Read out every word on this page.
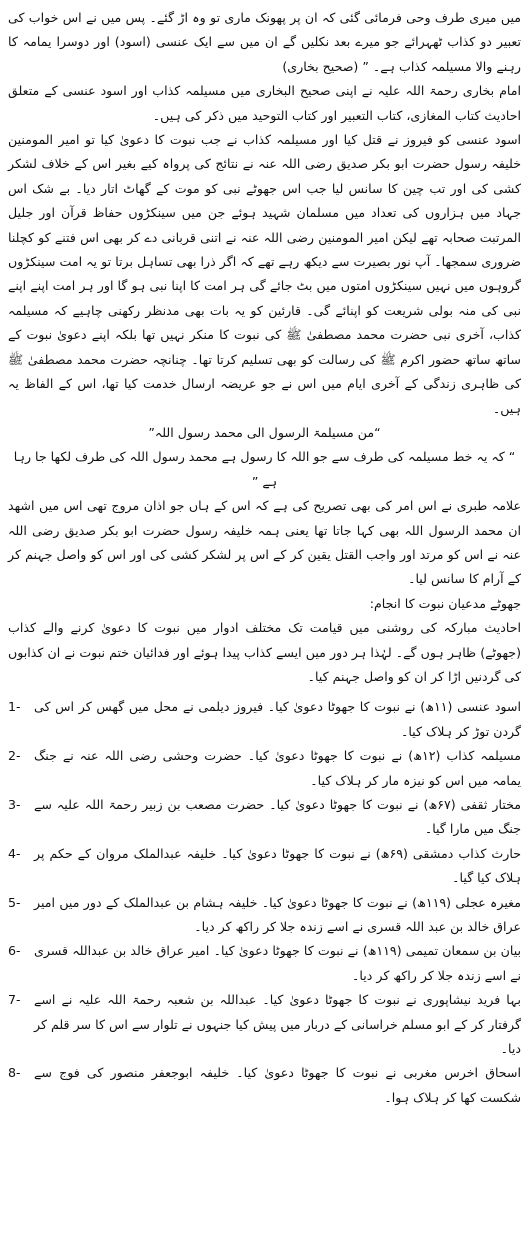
میں میری طرف وحی فرمائی گئی کہ ان پر پھونک ماری تو وہ اڑ گئے۔ پس میں نے اس خواب کی تعبیر دو کذاب ٹھہرائے جو میرے بعد نکلیں گے ان میں سے ایک عنسی (اسود) اور دوسرا یمامہ کا رہنے والا مسیلمہ کذاب ہے۔ ” (صحیح بخاری)

امام بخاری رحمۃ اللہ علیہ نے اپنی صحیح البخاری میں مسیلمہ کذاب اور اسود عنسی کے متعلق احادیث کتاب المغازی، کتاب التعبیر اور کتاب التوحید میں ذکر کی ہیں۔

اسود عنسی کو فیروز نے قتل کیا اور مسیلمہ کذاب نے جب نبوت کا دعویٰ کیا تو امیر المومنین خلیفہ رسول حضرت ابو بکر صدیق رضی اللہ عنہ نے نتائج کی پرواہ کیے بغیر اس کے خلاف لشکر کشی کی اور تب چین کا سانس لیا جب اس جھوٹے نبی کو موت کے گھاٹ اتار دیا۔ بے شک اس جہاد میں ہزاروں کی تعداد میں مسلمان شہید ہوئے جن میں سینکڑوں حفاظ قرآن اور جلیل المرتبت صحابہ تھے لیکن امیر المومنین رضی اللہ عنہ نے اتنی قربانی دے کر بھی اس فتنے کو کچلنا ضروری سمجھا۔ آپ نور بصیرت سے دیکھ رہے تھے کہ اگر ذرا بھی تساہل برتا تو یہ امت سینکڑوں گروہوں میں نہیں سینکڑوں امتوں میں بٹ جائے گی ہر امت کا اپنا نبی ہو گا اور ہر امت اپنے اپنے نبی کی منہ بولی شریعت کو اپنائے گی۔ قارئین کو یہ بات بھی مدنظر رکھنی چاہیے کہ مسیلمہ کذاب، آخری نبی حضرت محمد مصطفیٰ ﷺ کی نبوت کا منکر نہیں تھا بلکہ اپنے دعویٰ نبوت کے ساتھ ساتھ حضور اکرم ﷺ کی رسالت کو بھی تسلیم کرتا تھا۔ چنانچہ حضرت محمد مصطفیٰ ﷺ کی ظاہری زندگی کے آخری ایام میں اس نے جو عریضہ ارسال خدمت کیا تھا، اس کے الفاظ یہ ہیں۔

“من مسیلمۃ الرسول الی محمد رسول اللہ”

“ کہ یہ خط مسیلمہ کی طرف سے جو اللہ کا رسول ہے محمد رسول اللہ کی طرف لکھا جا رہا ہے ”

علامہ طبری نے اس امر کی بھی تصریح کی ہے کہ اس کے ہاں جو اذان مروج تھی اس میں اشھد ان محمد الرسول اللہ بھی کہا جاتا تھا یعنی ہمہ خلیفہ رسول حضرت ابو بکر صدیق رضی اللہ عنہ نے اس کو مرتد اور واجب القتل یقین کر کے اس پر لشکر کشی کی اور اس کو واصل جہنم کر کے آرام کا سانس لیا۔

جھوٹے مدعیان نبوت کا انجام:

احادیث مبارکہ کی روشنی میں قیامت تک مختلف ادوار میں نبوت کا دعویٰ کرنے والے کذاب (جھوٹے) ظاہر ہوں گے۔ لہٰذا ہر دور میں ایسے کذاب پیدا ہوئے اور فدائیان ختم نبوت نے ان کذابوں کی گردنیں اڑا کر ان کو واصل جہنم کیا۔

1-	اسود عنسی (۱۱ھ) نے نبوت کا جھوٹا دعویٰ کیا۔ فیروز دیلمی نے محل میں گھس کر اس کی گردن توڑ کر ہلاک کیا۔
2-	مسیلمہ کذاب (۱۲ھ) نے نبوت کا جھوٹا دعویٰ کیا۔ حضرت وحشی رضی اللہ عنہ نے جنگ یمامہ میں اس کو نیزہ مار کر ہلاک کیا۔
3-	مختار ثقفی (۶۷ھ) نے نبوت کا جھوٹا دعویٰ کیا۔ حضرت مصعب بن زبیر رحمۃ اللہ علیہ سے جنگ میں مارا گیا۔
4-	حارث کذاب دمشقی (۶۹ھ) نے نبوت کا جھوٹا دعویٰ کیا۔ خلیفہ عبدالملک مروان کے حکم پر ہلاک کیا گیا۔
5-	مغیرہ عجلی (۱۱۹ھ) نے نبوت کا جھوٹا دعویٰ کیا۔ خلیفہ ہشام بن عبدالملک کے دور میں امیر عراق خالد بن عبد اللہ قسری نے اسے زندہ جلا کر راکھ کر دیا۔
6-	بیان بن سمعان تمیمی (۱۱۹ھ) نے نبوت کا جھوٹا دعویٰ کیا۔ امیر عراق خالد بن عبداللہ قسری نے اسے زندہ جلا کر راکھ کر دیا۔
7-	بہا فرید نیشاپوری نے نبوت کا جھوٹا دعویٰ کیا۔ عبداللہ بن شعبہ رحمۃ اللہ علیہ نے اسے گرفتار کر کے ابو مسلم خراسانی کے دربار میں پیش کیا جنہوں نے تلوار سے اس کا سر قلم کر دیا۔
8-	اسحاق اخرس مغربی نے نبوت کا جھوٹا دعویٰ کیا۔ خلیفہ ابوجعفر منصور کی فوج سے شکست کھا کر ہلاک ہوا۔
